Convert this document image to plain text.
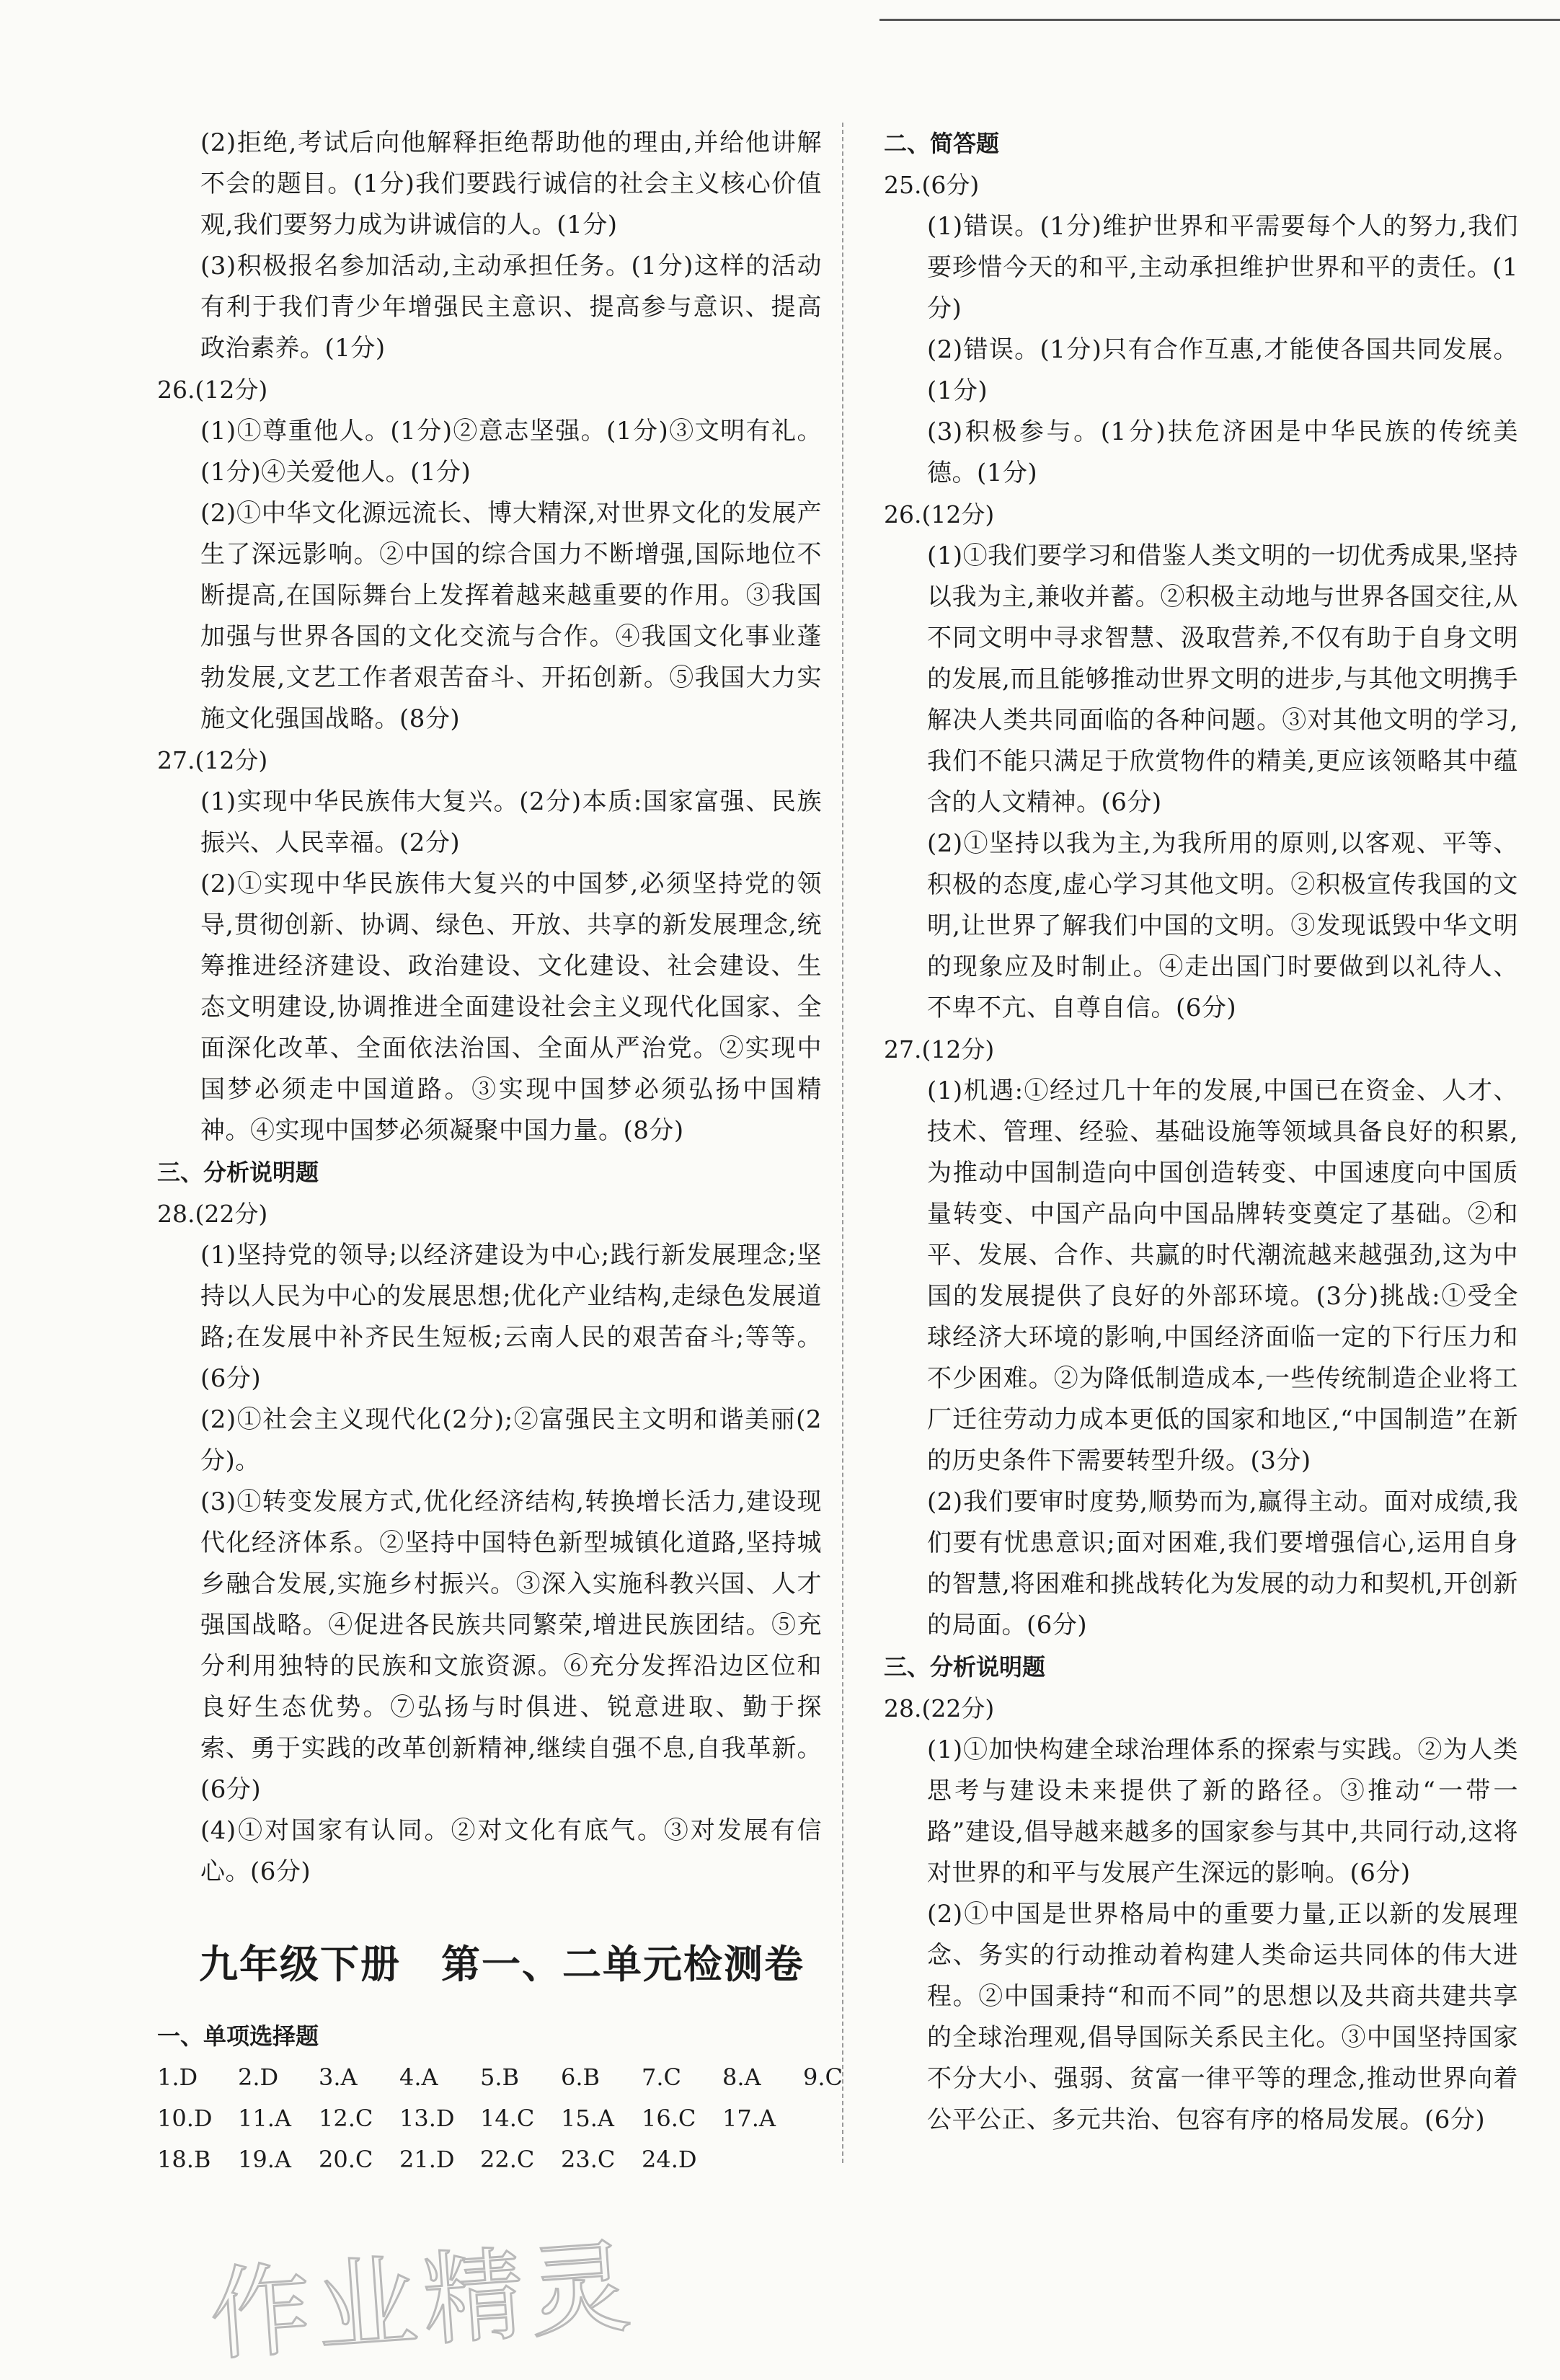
(2)拒绝,考试后向他解释拒绝帮助他的理由,并给他讲解不会的题目。(1分)我们要践行诚信的社会主义核心价值观,我们要努力成为讲诚信的人。(1分)

(3)积极报名参加活动,主动承担任务。(1分)这样的活动有利于我们青少年增强民主意识、提高参与意识、提高政治素养。(1分)

26.(12分)

(1)①尊重他人。(1分)②意志坚强。(1分)③文明有礼。(1分)④关爱他人。(1分)

(2)①中华文化源远流长、博大精深,对世界文化的发展产生了深远影响。②中国的综合国力不断增强,国际地位不断提高,在国际舞台上发挥着越来越重要的作用。③我国加强与世界各国的文化交流与合作。④我国文化事业蓬勃发展,文艺工作者艰苦奋斗、开拓创新。⑤我国大力实施文化强国战略。(8分)

27.(12分)

(1)实现中华民族伟大复兴。(2分)本质:国家富强、民族振兴、人民幸福。(2分)

(2)①实现中华民族伟大复兴的中国梦,必须坚持党的领导,贯彻创新、协调、绿色、开放、共享的新发展理念,统筹推进经济建设、政治建设、文化建设、社会建设、生态文明建设,协调推进全面建设社会主义现代化国家、全面深化改革、全面依法治国、全面从严治党。②实现中国梦必须走中国道路。③实现中国梦必须弘扬中国精神。④实现中国梦必须凝聚中国力量。(8分)

三、分析说明题

28.(22分)

(1)坚持党的领导;以经济建设为中心;践行新发展理念;坚持以人民为中心的发展思想;优化产业结构,走绿色发展道路;在发展中补齐民生短板;云南人民的艰苦奋斗;等等。(6分)

(2)①社会主义现代化(2分);②富强民主文明和谐美丽(2分)。

(3)①转变发展方式,优化经济结构,转换增长活力,建设现代化经济体系。②坚持中国特色新型城镇化道路,坚持城乡融合发展,实施乡村振兴。③深入实施科教兴国、人才强国战略。④促进各民族共同繁荣,增进民族团结。⑤充分利用独特的民族和文旅资源。⑥充分发挥沿边区位和良好生态优势。⑦弘扬与时俱进、锐意进取、勤于探索、勇于实践的改革创新精神,继续自强不息,自我革新。(6分)

(4)①对国家有认同。②对文化有底气。③对发展有信心。(6分)

九年级下册　第一、二单元检测卷

一、单项选择题

1.D 2.D 3.A 4.A 5.B 6.B 7.C 8.A 9.C

10.D 11.A 12.C 13.D 14.C 15.A 16.C 17.A

18.B 19.A 20.C 21.D 22.C 23.C 24.D

二、简答题

25.(6分)

(1)错误。(1分)维护世界和平需要每个人的努力,我们要珍惜今天的和平,主动承担维护世界和平的责任。(1分)

(2)错误。(1分)只有合作互惠,才能使各国共同发展。(1分)

(3)积极参与。(1分)扶危济困是中华民族的传统美德。(1分)

26.(12分)

(1)①我们要学习和借鉴人类文明的一切优秀成果,坚持以我为主,兼收并蓄。②积极主动地与世界各国交往,从不同文明中寻求智慧、汲取营养,不仅有助于自身文明的发展,而且能够推动世界文明的进步,与其他文明携手解决人类共同面临的各种问题。③对其他文明的学习,我们不能只满足于欣赏物件的精美,更应该领略其中蕴含的人文精神。(6分)

(2)①坚持以我为主,为我所用的原则,以客观、平等、积极的态度,虚心学习其他文明。②积极宣传我国的文明,让世界了解我们中国的文明。③发现诋毁中华文明的现象应及时制止。④走出国门时要做到以礼待人、不卑不亢、自尊自信。(6分)

27.(12分)

(1)机遇:①经过几十年的发展,中国已在资金、人才、技术、管理、经验、基础设施等领域具备良好的积累,为推动中国制造向中国创造转变、中国速度向中国质量转变、中国产品向中国品牌转变奠定了基础。②和平、发展、合作、共赢的时代潮流越来越强劲,这为中国的发展提供了良好的外部环境。(3分)挑战:①受全球经济大环境的影响,中国经济面临一定的下行压力和不少困难。②为降低制造成本,一些传统制造企业将工厂迁往劳动力成本更低的国家和地区,“中国制造”在新的历史条件下需要转型升级。(3分)

(2)我们要审时度势,顺势而为,赢得主动。面对成绩,我们要有忧患意识;面对困难,我们要增强信心,运用自身的智慧,将困难和挑战转化为发展的动力和契机,开创新的局面。(6分)

三、分析说明题

28.(22分)

(1)①加快构建全球治理体系的探索与实践。②为人类思考与建设未来提供了新的路径。③推动“一带一路”建设,倡导越来越多的国家参与其中,共同行动,这将对世界的和平与发展产生深远的影响。(6分)

(2)①中国是世界格局中的重要力量,正以新的发展理念、务实的行动推动着构建人类命运共同体的伟大进程。②中国秉持“和而不同”的思想以及共商共建共享的全球治理观,倡导国际关系民主化。③中国坚持国家不分大小、强弱、贫富一律平等的理念,推动世界向着公平公正、多元共治、包容有序的格局发展。(6分)

作业精灵
